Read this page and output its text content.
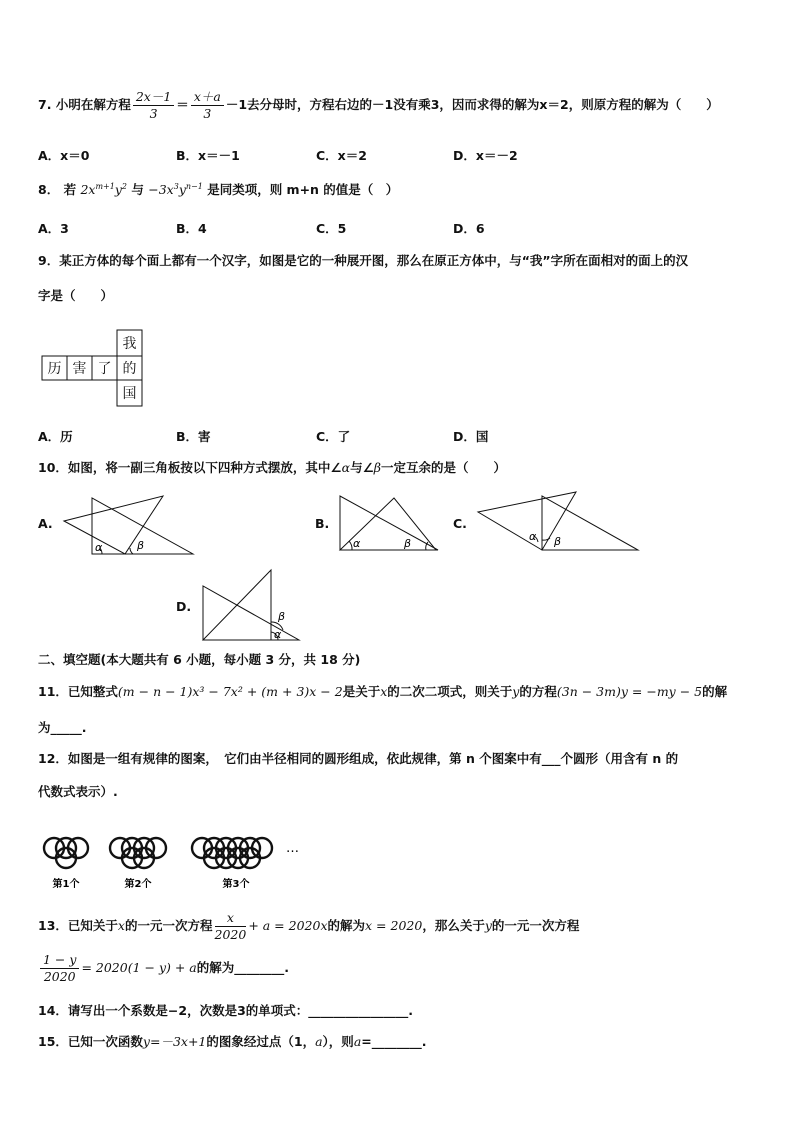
7. 小明在解方程 $\frac{2x-1}{3} = \frac{x+a}{3} -1$去分母时，方程右边的－1没有乘3，因而求得的解为x＝2，则原方程的解为（　　）
A．x＝0	B．x＝－1	C．x＝2	D．x＝－2
8． 若 $2x^{m+1}y^2$ 与 $-3x^3y^{n-1}$ 是同类项，则 m+n 的值是（　）
A．3	B．4	C．5	D．6
9．某正方体的每个面上都有一个汉字，如图是它的一种展开图，那么在原正方体中，与“我”字所在面相对的面上的汉
字是（　　）
历 害 了
我
的
国
A．历	B．害	C．了	D．国
10．如图，将一副三角板按以下四种方式摆放，其中∠α与∠β一定互余的是（　　）
A.
α	β
B.
α	β
C.
α β
D.
β
α
二、填空题(本大题共有 6 小题，每小题 3 分，共 18 分)
11．已知整式(m − n − 1)x³ − 7x² + (m + 3)x − 2是关于x的二次二项式，则关于y的方程(3n − 3m)y = −my − 5的解
为_____.
12．如图是一组有规律的图案，　它们由半径相同的圆形组成，依此规律，第 n 个图案中有___个圆形（用含有 n 的
代数式表示）.
…
第1个	第2个	第3个
13．已知关于x的一元一次方程 $\frac{x}{2020} + a = 2020x$的解为x = 2020，那么关于y的一元一次方程
$\frac{1 - y}{2020} = 2020(1 - y) + a$的解为________.
14．请写出一个系数是−2，次数是3的单项式：________________.
15．已知一次函数y=－3x+1的图象经过点（1，a），则a=________.
